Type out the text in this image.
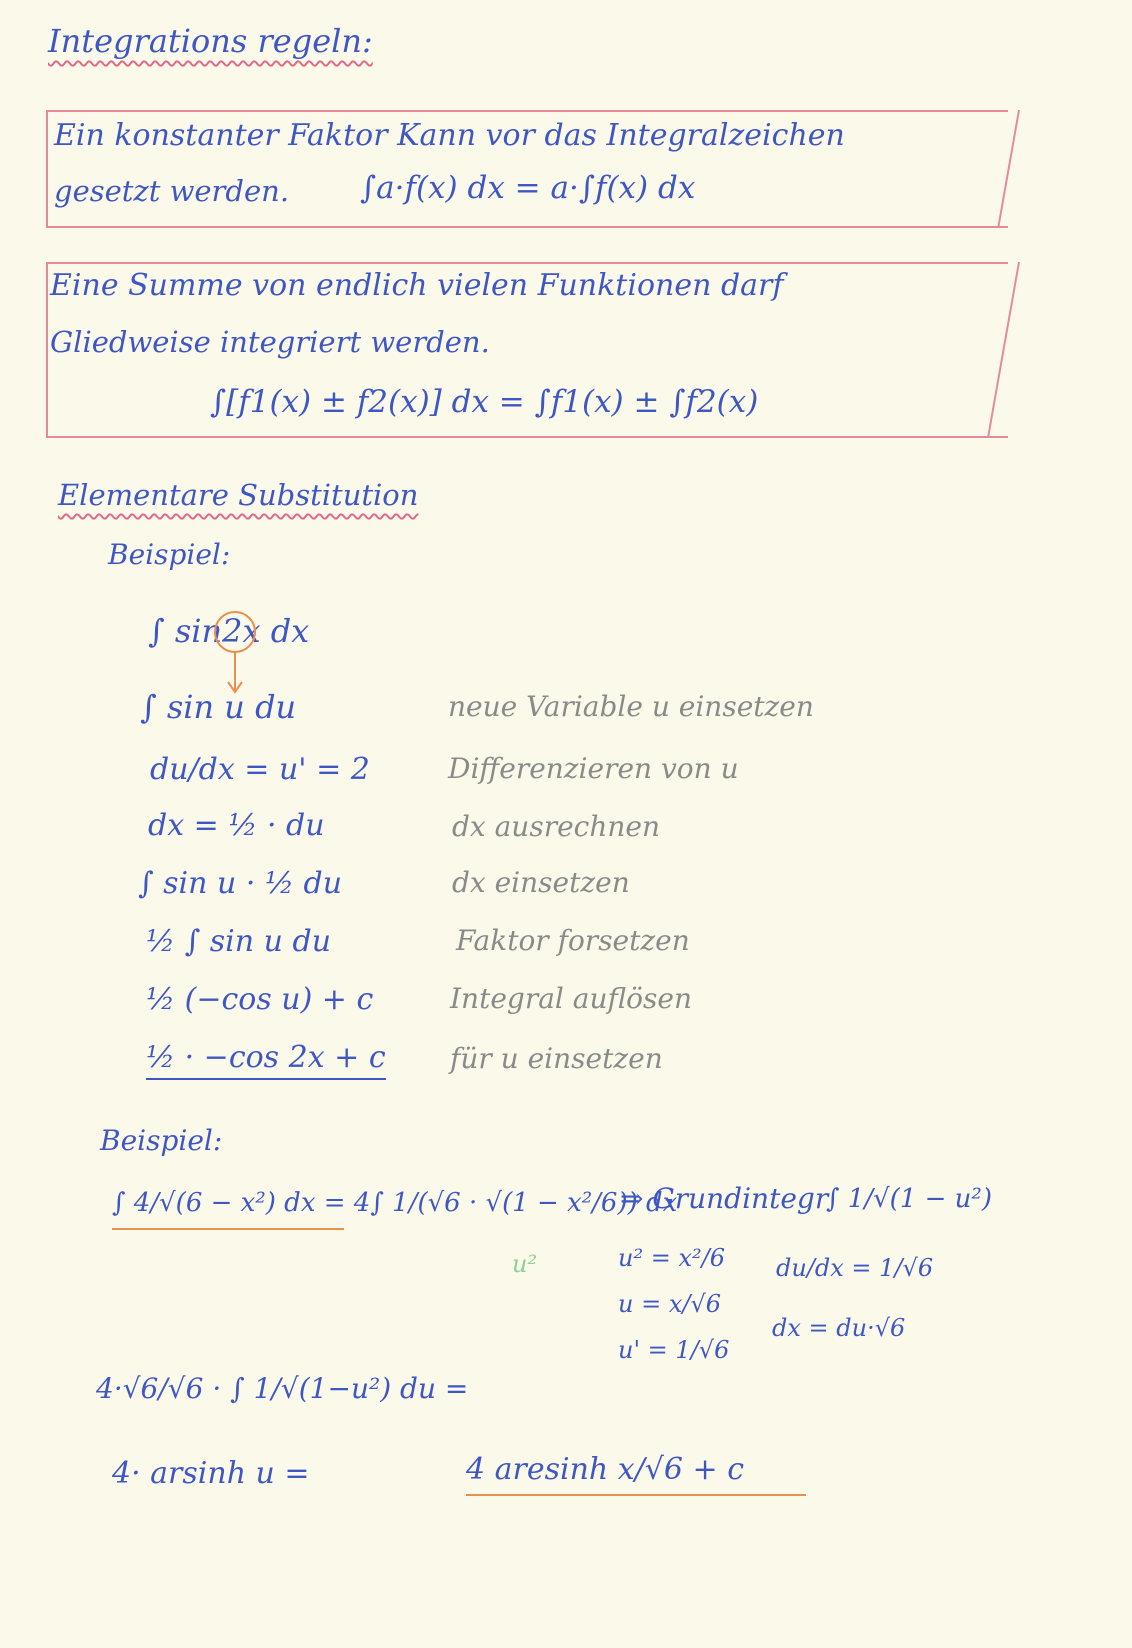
Integrations regeln:
Ein konstanter Faktor Kann vor das Integralzeichen
gesetzt werden. ∫a·f(x) dx = a·∫f(x) dx
Eine Summe von endlich vielen Funktionen darf
Gliedweise integriert werden.
∫[f1(x) ± f2(x)] dx = ∫f1(x) ± ∫f2(x)
Elementare Substitution
Beispiel:
∫ sin2x dx
∫ sin u du	neue Variable u einsetzen
du/dx = u' = 2	Differenzieren von u
dx = ½ · du	dx ausrechnen
∫ sin u · ½ du	dx einsetzen
½ ∫ sin u du	Faktor forsetzen
½ (−cos u) + c	Integral auflösen
½ · −cos 2x + c für u einsetzen
Beispiel:
∫ 4/√(6 − x²) dx = 4∫ 1/(√6 · √(1 − x²/6)) dx
⇒ Grundintegr
∫ 1/√(1 − u²)
u²	u² = x²/6
u = x/√6
u' = 1/√6
du/dx = 1/√6
dx = du·√6
4·√6/√6 · ∫ 1/√(1−u²) du =
4· arsinh u =	4 aresinh x/√6 + c
